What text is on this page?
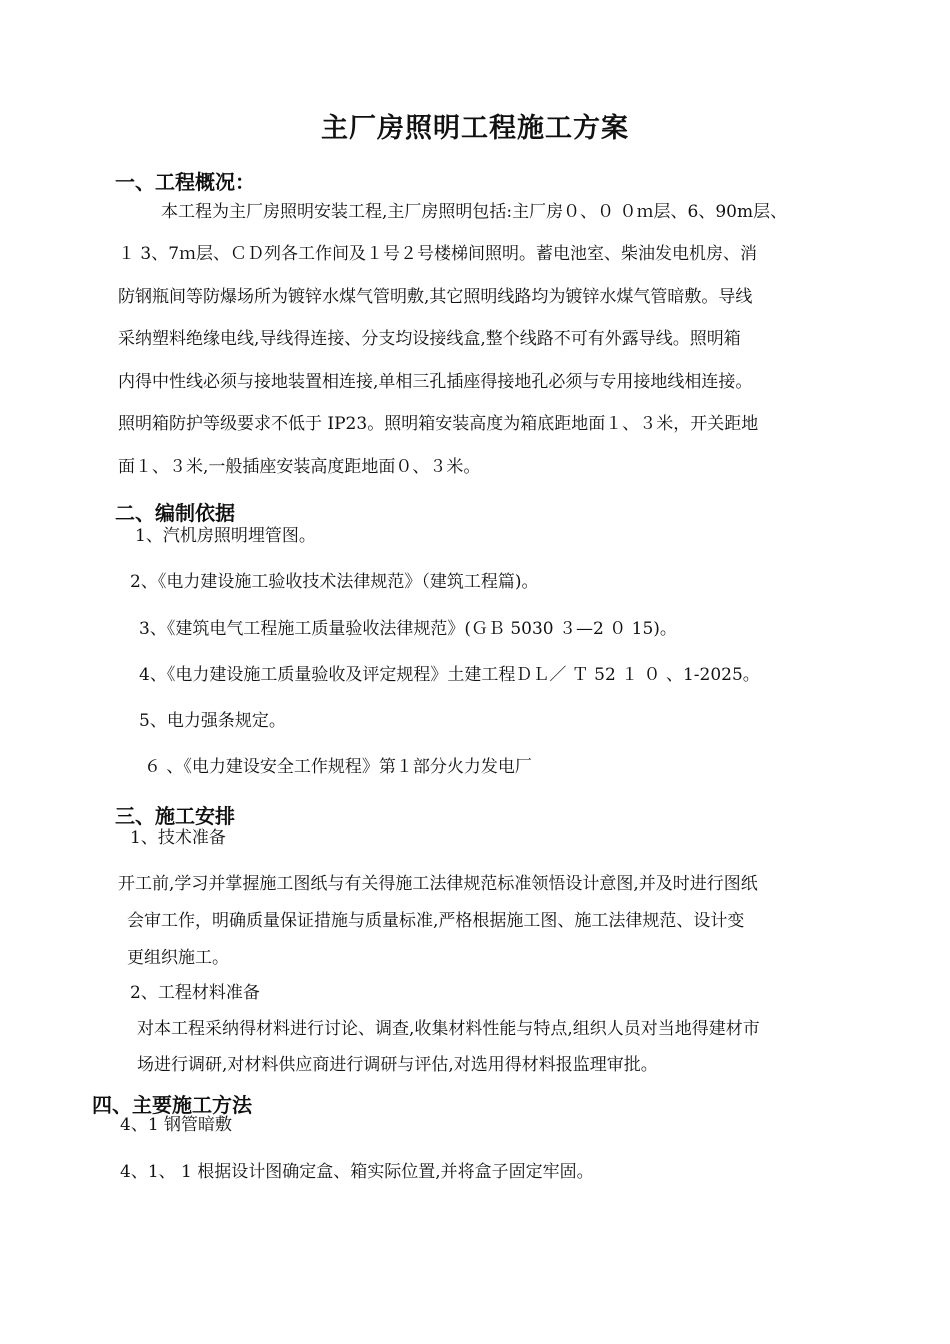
主厂房照明工程施工方案
一、工程概况：
本工程为主厂房照明安装工程,主厂房照明包括:主厂房０、０ ０ｍ层、6、90m层、
１ 3、7ｍ层、ＣＤ列各工作间及１号２号楼梯间照明。蓄电池室、柴油发电机房、消
防钢瓶间等防爆场所为镀锌水煤气管明敷,其它照明线路均为镀锌水煤气管暗敷。导线
采纳塑料绝缘电线,导线得连接、分支均设接线盒,整个线路不可有外露导线。照明箱
内得中性线必须与接地装置相连接,单相三孔插座得接地孔必须与专用接地线相连接。
照明箱防护等级要求不低于 IP23。照明箱安装高度为箱底距地面１、３米，开关距地
面１、３米,一般插座安装高度距地面０、３米。
二、编制依据
1、汽机房照明埋管图。
2、《电力建设施工验收技术法律规范》（建筑工程篇)。
3、《建筑电气工程施工质量验收法律规范》(ＧＢ 5030 ３—2 ０ 15)。
4、《电力建设施工质量验收及评定规程》土建工程ＤＬ／ Ｔ 52 １ ０ 、1-2025。
5、电力强条规定。
６ 、《电力建设安全工作规程》第１部分火力发电厂
三、施工安排
1、技术准备
开工前,学习并掌握施工图纸与有关得施工法律规范标准领悟设计意图,并及时进行图纸
会审工作，明确质量保证措施与质量标准,严格根据施工图、施工法律规范、设计变
更组织施工。
2、工程材料准备
对本工程采纳得材料进行讨论、调查,收集材料性能与特点,组织人员对当地得建材市
场进行调研,对材料供应商进行调研与评估,对选用得材料报监理审批。
四、主要施工方法
4、1 钢管暗敷
4、1、 1 根据设计图确定盒、箱实际位置,并将盒子固定牢固。
